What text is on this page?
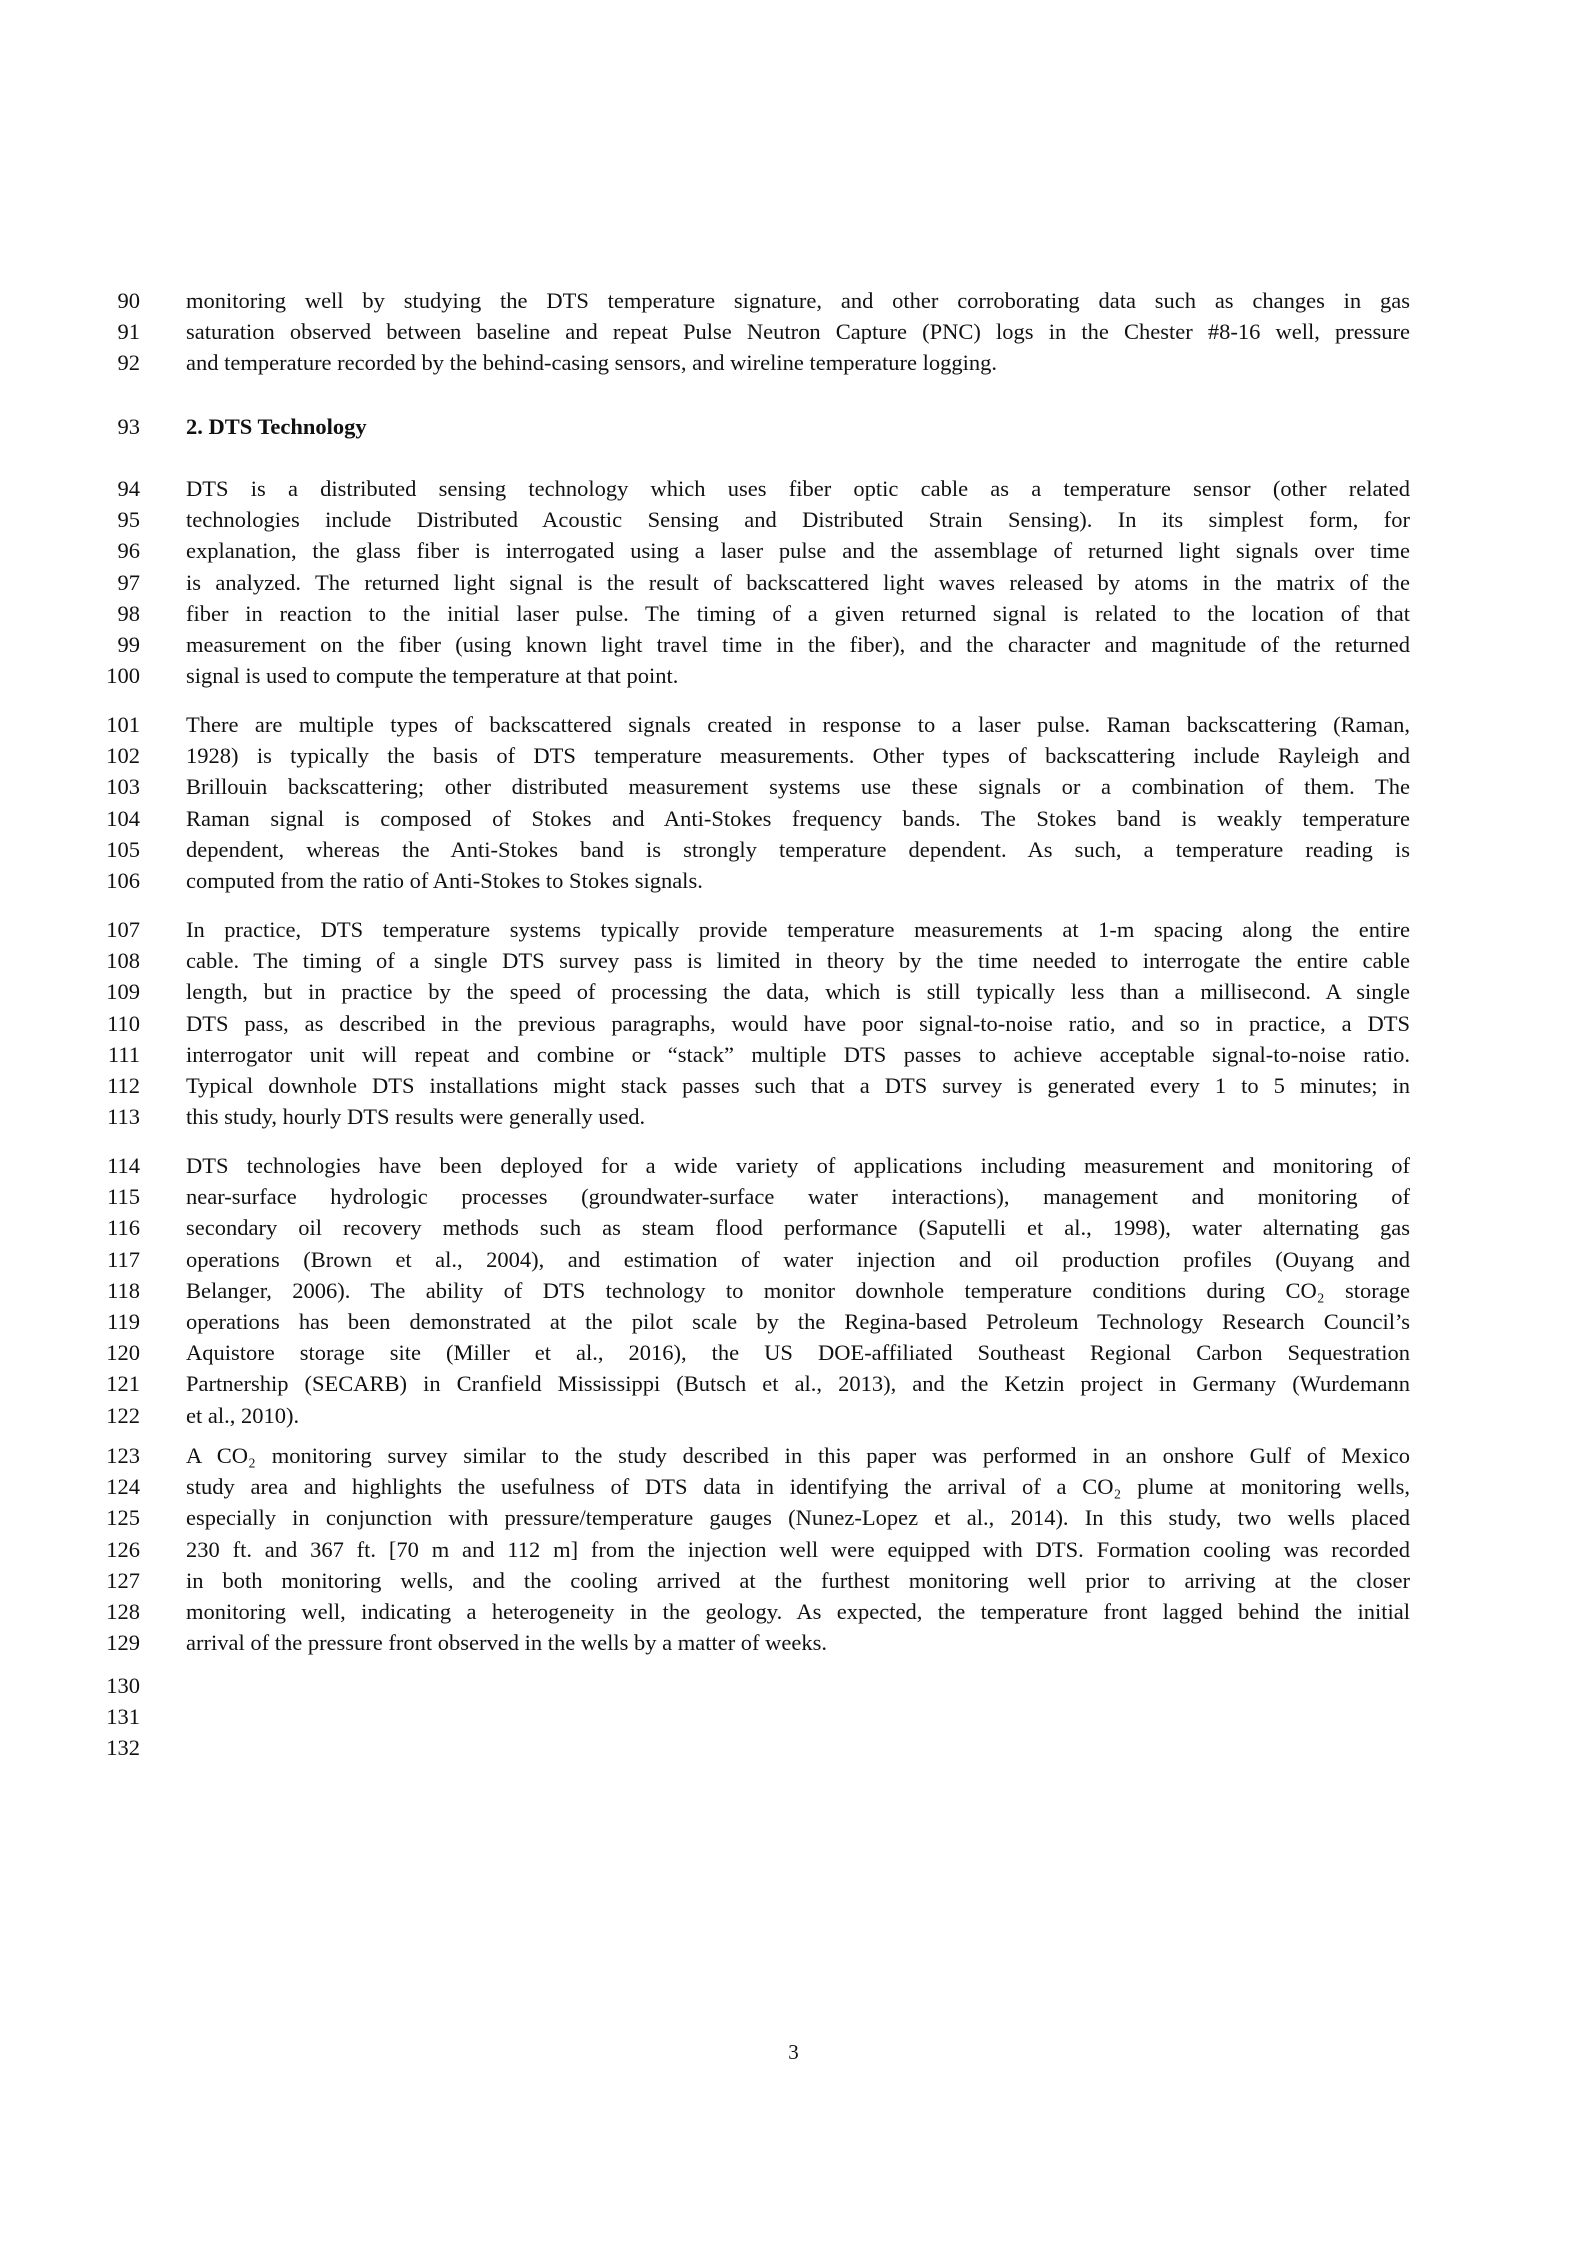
90 monitoring well by studying the DTS temperature signature, and other corroborating data such as changes in gas
91 saturation observed between baseline and repeat Pulse Neutron Capture (PNC) logs in the Chester #8-16 well, pressure
92 and temperature recorded by the behind-casing sensors, and wireline temperature logging.
93 2. DTS Technology
94 DTS is a distributed sensing technology which uses fiber optic cable as a temperature sensor (other related
95 technologies include Distributed Acoustic Sensing and Distributed Strain Sensing). In its simplest form, for
96 explanation, the glass fiber is interrogated using a laser pulse and the assemblage of returned light signals over time
97 is analyzed. The returned light signal is the result of backscattered light waves released by atoms in the matrix of the
98 fiber in reaction to the initial laser pulse. The timing of a given returned signal is related to the location of that
99 measurement on the fiber (using known light travel time in the fiber), and the character and magnitude of the returned
100 signal is used to compute the temperature at that point.
101 There are multiple types of backscattered signals created in response to a laser pulse. Raman backscattering (Raman,
102 1928) is typically the basis of DTS temperature measurements. Other types of backscattering include Rayleigh and
103 Brillouin backscattering; other distributed measurement systems use these signals or a combination of them. The
104 Raman signal is composed of Stokes and Anti-Stokes frequency bands. The Stokes band is weakly temperature
105 dependent, whereas the Anti-Stokes band is strongly temperature dependent. As such, a temperature reading is
106 computed from the ratio of Anti-Stokes to Stokes signals.
107 In practice, DTS temperature systems typically provide temperature measurements at 1-m spacing along the entire
108 cable. The timing of a single DTS survey pass is limited in theory by the time needed to interrogate the entire cable
109 length, but in practice by the speed of processing the data, which is still typically less than a millisecond. A single
110 DTS pass, as described in the previous paragraphs, would have poor signal-to-noise ratio, and so in practice, a DTS
111 interrogator unit will repeat and combine or “stack” multiple DTS passes to achieve acceptable signal-to-noise ratio.
112 Typical downhole DTS installations might stack passes such that a DTS survey is generated every 1 to 5 minutes; in
113 this study, hourly DTS results were generally used.
114 DTS technologies have been deployed for a wide variety of applications including measurement and monitoring of
115 near-surface hydrologic processes (groundwater-surface water interactions), management and monitoring of
116 secondary oil recovery methods such as steam flood performance (Saputelli et al., 1998), water alternating gas
117 operations (Brown et al., 2004), and estimation of water injection and oil production profiles (Ouyang and
118 Belanger, 2006). The ability of DTS technology to monitor downhole temperature conditions during CO₂ storage
119 operations has been demonstrated at the pilot scale by the Regina-based Petroleum Technology Research Council’s
120 Aquistore storage site (Miller et al., 2016), the US DOE-affiliated Southeast Regional Carbon Sequestration
121 Partnership (SECARB) in Cranfield Mississippi (Butsch et al., 2013), and the Ketzin project in Germany (Wurdemann
122 et al., 2010).
123 A CO₂ monitoring survey similar to the study described in this paper was performed in an onshore Gulf of Mexico
124 study area and highlights the usefulness of DTS data in identifying the arrival of a CO₂ plume at monitoring wells,
125 especially in conjunction with pressure/temperature gauges (Nunez-Lopez et al., 2014). In this study, two wells placed
126 230 ft. and 367 ft. [70 m and 112 m] from the injection well were equipped with DTS. Formation cooling was recorded
127 in both monitoring wells, and the cooling arrived at the furthest monitoring well prior to arriving at the closer
128 monitoring well, indicating a heterogeneity in the geology. As expected, the temperature front lagged behind the initial
129 arrival of the pressure front observed in the wells by a matter of weeks.
130
131
132
3
